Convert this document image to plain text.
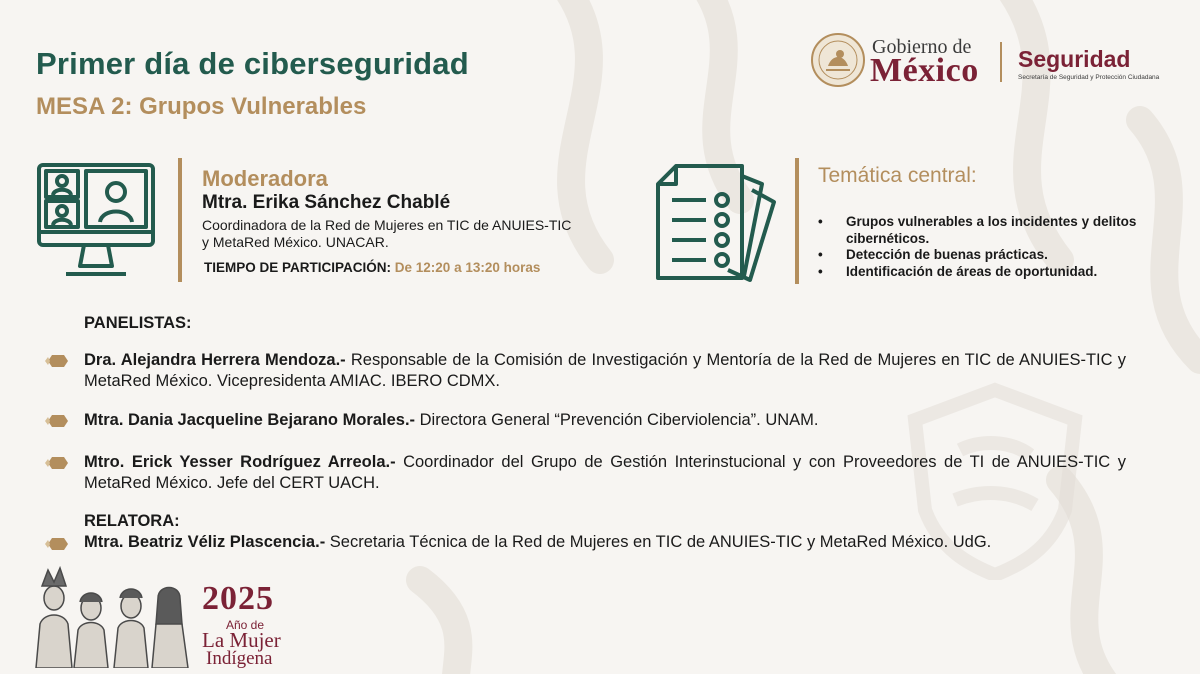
Primer día de ciberseguridad
MESA 2: Grupos Vulnerables
Gobierno de
México Seguridad
Secretaría de Seguridad y Protección Ciudadana
Moderadora
Mtra. Erika Sánchez Chablé
Coordinadora de la Red de Mujeres en TIC de ANUIES-TIC y MetaRed México. UNACAR.
TIEMPO DE PARTICIPACIÓN: De 12:20 a 13:20 horas
Temática central:
• Grupos vulnerables a los incidentes y delitos cibernéticos.
• Detección de buenas prácticas.
• Identificación de áreas de oportunidad.
PANELISTAS:
Dra. Alejandra Herrera Mendoza.- Responsable de la Comisión de Investigación y Mentoría de la Red de Mujeres en TIC de ANUIES-TIC y MetaRed México. Vicepresidenta AMIAC. IBERO CDMX.
Mtra. Dania Jacqueline Bejarano Morales.- Directora General “Prevención Ciberviolencia”. UNAM.
Mtro. Erick Yesser Rodríguez Arreola.- Coordinador del Grupo de Gestión Interinstucional y con Proveedores de TI de ANUIES-TIC y MetaRed México. Jefe del CERT UACH.
RELATORA:
Mtra. Beatriz Véliz Plascencia.- Secretaria Técnica de la Red de Mujeres en TIC de ANUIES-TIC y MetaRed México. UdG.
2025
Año de
La Mujer
Indígena
